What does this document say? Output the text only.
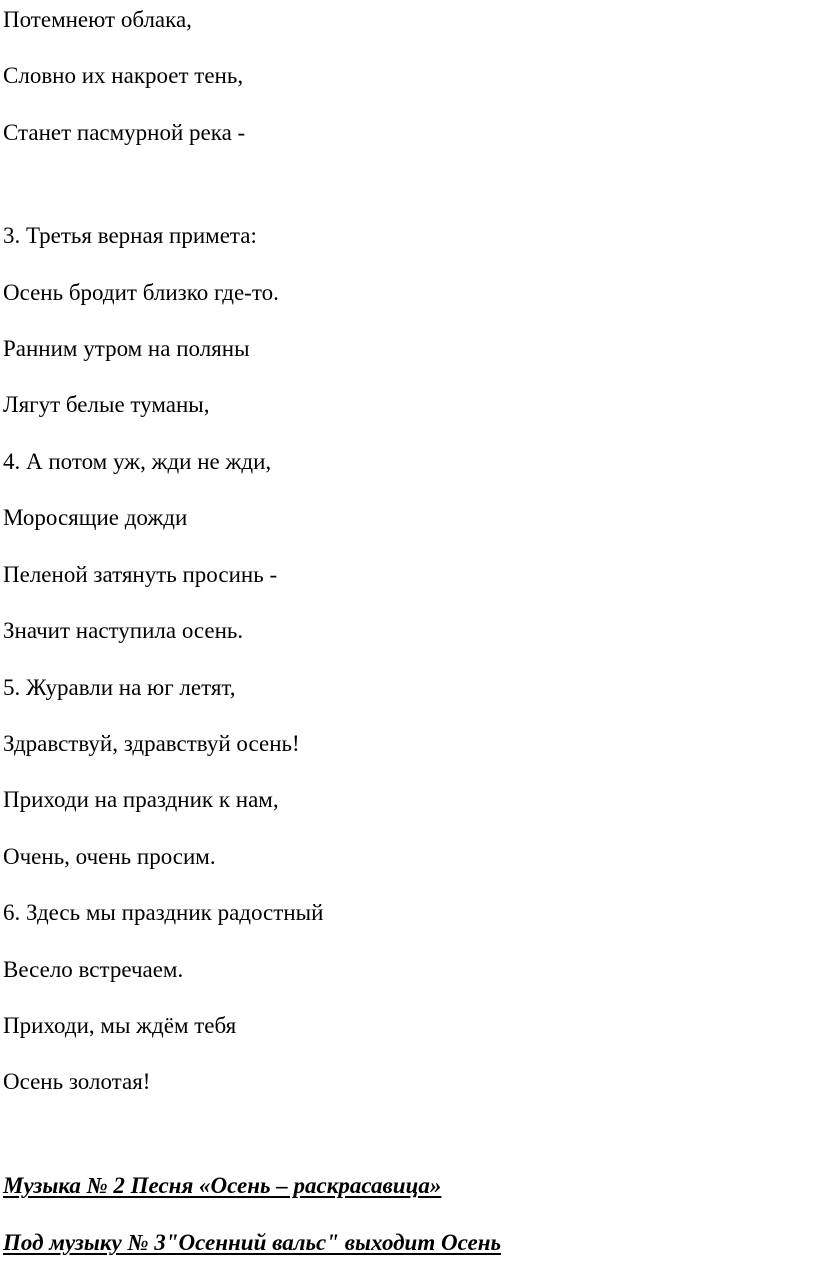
Потемнеют облака,
Словно их накроет тень,
Станет пасмурной река -
3. Третья верная примета:
Осень бродит близко где-то.
Ранним утром на поляны
Лягут белые туманы,
4. А потом уж, жди не жди,
Моросящие дожди
Пеленой затянуть просинь -
Значит наступила осень.
5. Журавли на юг летят,
Здравствуй, здравствуй осень!
Приходи на праздник к нам,
Очень, очень просим.
6. Здесь мы праздник радостный
Весело встречаем.
Приходи, мы ждём тебя
Осень золотая!
Музыка № 2 Песня «Осень – раскрасавица»
Под музыку № 3"Осенний вальс" выходит Осень
